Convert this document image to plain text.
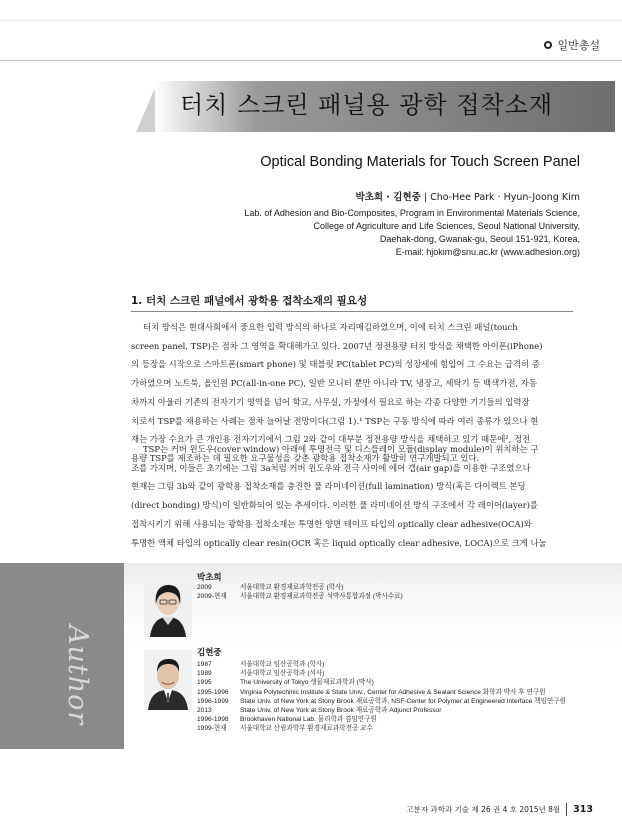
일반총설
터치 스크린 패널용 광학 접착소재
Optical Bonding Materials for Touch Screen Panel
박초희 · 김현중 | Cho-Hee Park · Hyun-Joong Kim
Lab. of Adhesion and Bio-Composites, Program in Environmental Materials Science,
College of Agriculture and Life Sciences, Seoul National University,
Daehak-dong, Gwanak-gu, Seoul 151-921, Korea,
E-mail: hjokim@snu.ac.kr (www.adhesion.org)
1. 터치 스크린 패널에서 광학용 접착소재의 필요성
터치 방식은 현대사회에서 중요한 입력 방식의 하나로 자리매김하였으며, 이에 터치 스크린 패널(touch
screen panel, TSP)은 점차 그 영역을 확대해가고 있다. 2007년 정전용량 터치 방식을 채택한 아이폰(iPhone)
의 등장을 시작으로 스마트폰(smart phone) 및 태블릿 PC(tablet PC)의 성장세에 힘입어 그 수요는 급격히 증
가하였으며 노트북, 올인원 PC(all-in-one PC), 일반 모니터 뿐만 아니라 TV, 냉장고, 세탁기 등 백색가전, 자동
차까지 아울러 기존의 전자기기 영역을 넘어 학교, 사무실, 가정에서 필요로 하는 각종 다양한 기기들의 입력장
치로서 TSP를 채용하는 사례는 점차 늘어날 전망이다(그림 1).¹ TSP는 구동 방식에 따라 여러 종류가 있으나 현
재는 가장 수요가 큰 개인용 전자기기에서 그림 2와 같이 대부분 정전용량 방식을 채택하고 있기 때문에², 정전
용량 TSP를 제조하는 데 필요한 요구물성을 갖춘 광학용 접착소재가 활발히 연구개발되고 있다.
TSP는 커버 윈도우(cover window) 아래에 투명전극 및 디스플레이 모듈(display module)이 위치하는 구
조를 가지며, 이들은 초기에는 그림 3a처럼 커버 윈도우와 전극 사이에 에어 갭(air gap)을 이용한 구조였으나
현재는 그림 3b와 같이 광학용 접착소재를 충진한 풀 라미네이션(full lamination) 방식(혹은 다이렉트 본딩
(direct bonding) 방식)이 일반화되어 있는 추세이다. 이러한 풀 라미네이션 방식 구조에서 각 레이어(layer)를
접착시키기 위해 사용되는 광학용 접착소재는 투명한 양면 테이프 타입의 optically clear adhesive(OCA)와
투명한 액체 타입의 optically clear resin(OCR 혹은 liquid optically clear adhesive, LOCA)으로 크게 나눌
Author
박초희
2009	서울대학교 환경재료과학전공 (학사)
2009-현재	서울대학교 환경재료과학전공 석박사통합과정 (박사수료)
김현중
1987	서울대학교 임산공학과 (학사)
1989	서울대학교 임산공학과 (석사)
1995	The University of Tokyo 생물재료과학과 (박사)
1995-1996	Virginia Polytechinic Institute & State Univ., Center for Adhesive & Sealant Science 화학과 박사 후 연구원
1996-1999	State Univ. of New York at Stony Brook 재료공학과, NSF-Center for Polymer at Engineered Interface 책임연구원
2013	State Univ. of New York at Stony Brook 재료공학과 Adjunct Professor
1996-1998	Brookhaven National Lab. 물리학과 겸임연구원
1999-현재	서울대학교 산림과학부 환경재료과학전공 교수
고분자 과학과 기술 제 26 권 4 호 2015년 8월 313
